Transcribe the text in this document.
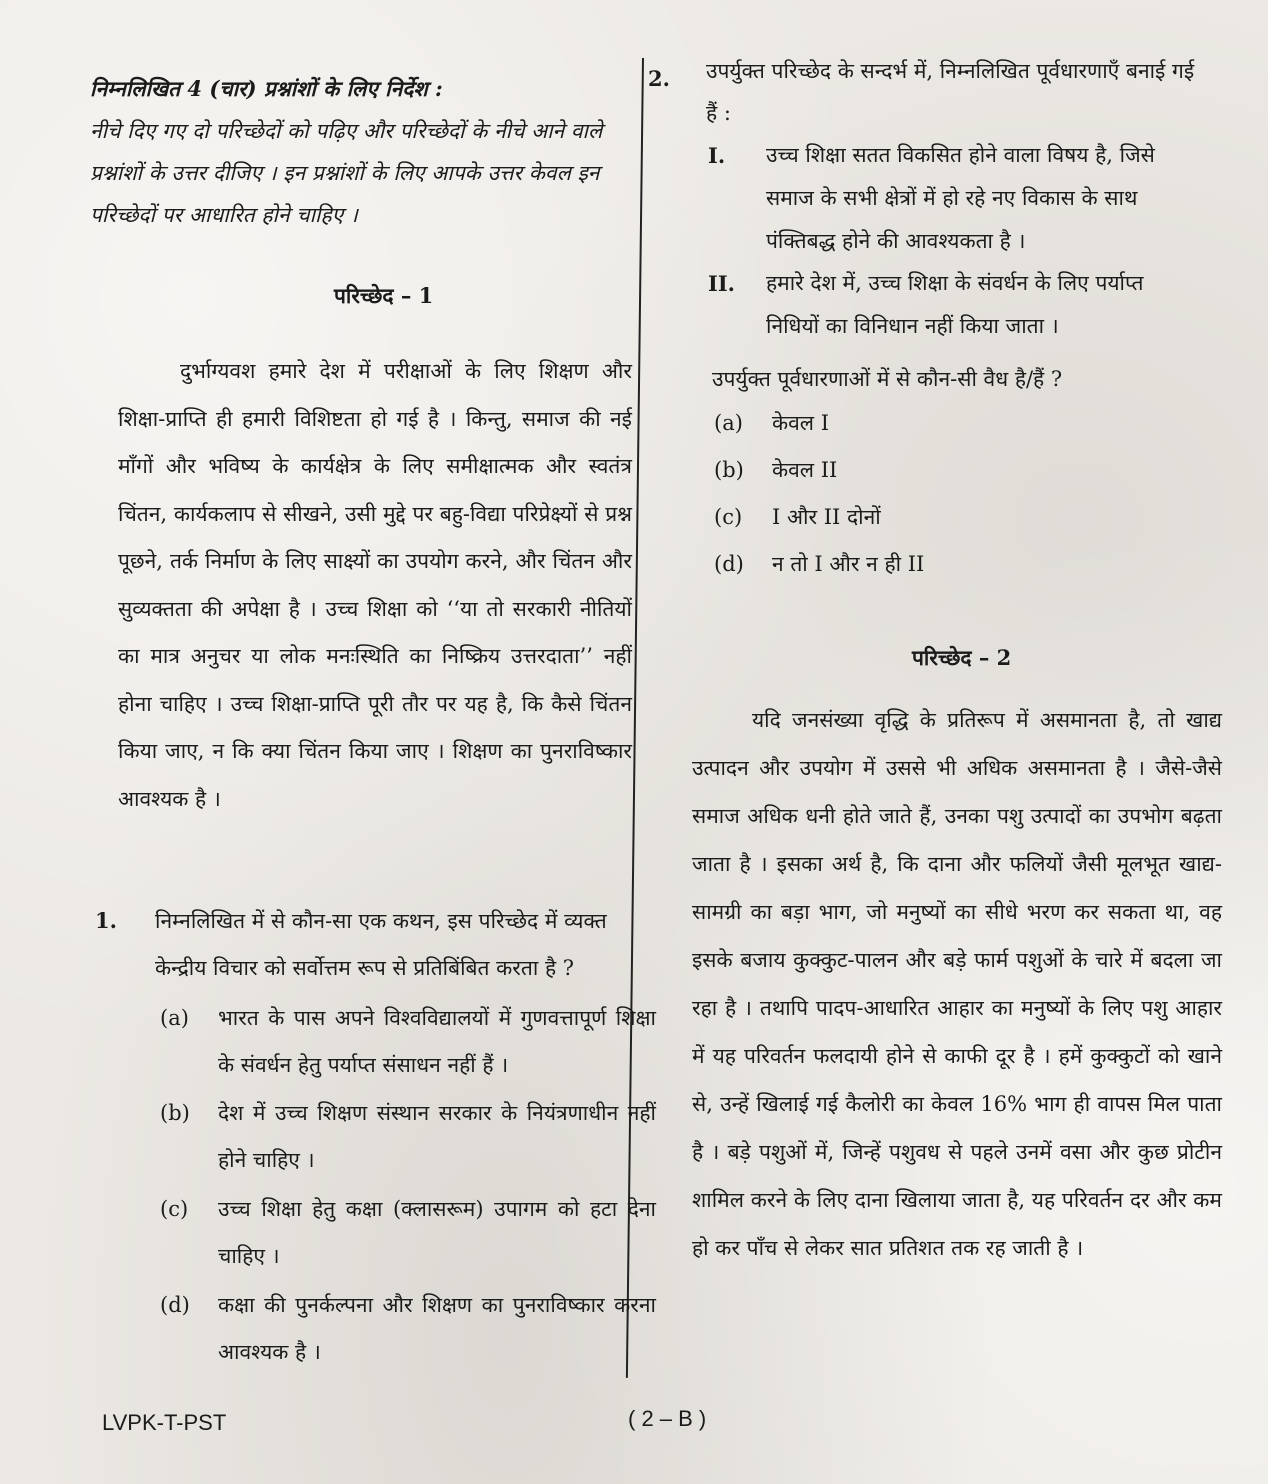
निम्नलिखित 4 (चार) प्रश्नांशों के लिए निर्देश :
नीचे दिए गए दो परिच्छेदों को पढ़िए और परिच्छेदों के नीचे आने वाले प्रश्नांशों के उत्तर दीजिए । इन प्रश्नांशों के लिए आपके उत्तर केवल इन परिच्छेदों पर आधारित होने चाहिए ।
परिच्छेद – 1

दुर्भाग्यवश हमारे देश में परीक्षाओं के लिए शिक्षण और शिक्षा-प्राप्ति ही हमारी विशिष्टता हो गई है । किन्तु, समाज की नई माँगों और भविष्य के कार्यक्षेत्र के लिए समीक्षात्मक और स्वतंत्र चिंतन, कार्यकलाप से सीखने, उसी मुद्दे पर बहु-विद्या परिप्रेक्ष्यों से प्रश्न पूछने, तर्क निर्माण के लिए साक्ष्यों का उपयोग करने, और चिंतन और सुव्यक्तता की अपेक्षा है । उच्च शिक्षा को ‘‘या तो सरकारी नीतियों का मात्र अनुचर या लोक मनःस्थिति का निष्क्रिय उत्तरदाता’’ नहीं होना चाहिए । उच्च शिक्षा-प्राप्ति पूरी तौर पर यह है, कि कैसे चिंतन किया जाए, न कि क्या चिंतन किया जाए । शिक्षण का पुनराविष्कार आवश्यक है ।

1. निम्नलिखित में से कौन-सा एक कथन, इस परिच्छेद में व्यक्त केन्द्रीय विचार को सर्वोत्तम रूप से प्रतिबिंबित करता है ?
(a)	भारत के पास अपने विश्वविद्यालयों में गुणवत्तापूर्ण शिक्षा के संवर्धन हेतु पर्याप्त संसाधन नहीं हैं ।
(b)	देश में उच्च शिक्षण संस्थान सरकार के नियंत्रणाधीन नहीं होने चाहिए ।
(c)	उच्च शिक्षा हेतु कक्षा (क्लासरूम) उपागम को हटा देना चाहिए ।
(d)	कक्षा की पुनर्कल्पना और शिक्षण का पुनराविष्कार करना आवश्यक है ।
2. उपर्युक्त परिच्छेद के सन्दर्भ में, निम्नलिखित पूर्वधारणाएँ बनाई गई हैं :
I.	उच्च शिक्षा सतत विकसित होने वाला विषय है, जिसे समाज के सभी क्षेत्रों में हो रहे नए विकास के साथ पंक्तिबद्ध होने की आवश्यकता है ।
II.	हमारे देश में, उच्च शिक्षा के संवर्धन के लिए पर्याप्त निधियों का विनिधान नहीं किया जाता ।
उपर्युक्त पूर्वधारणाओं में से कौन-सी वैध है/हैं ?
(a)	केवल I
(b)	केवल II
(c)	I और II दोनों
(d)	न तो I और न ही II
परिच्छेद – 2

यदि जनसंख्या वृद्धि के प्रतिरूप में असमानता है, तो खाद्य उत्पादन और उपयोग में उससे भी अधिक असमानता है । जैसे-जैसे समाज अधिक धनी होते जाते हैं, उनका पशु उत्पादों का उपभोग बढ़ता जाता है । इसका अर्थ है, कि दाना और फलियों जैसी मूलभूत खाद्य-सामग्री का बड़ा भाग, जो मनुष्यों का सीधे भरण कर सकता था, वह इसके बजाय कुक्कुट-पालन और बड़े फार्म पशुओं के चारे में बदला जा रहा है । तथापि पादप-आधारित आहार का मनुष्यों के लिए पशु आहार में यह परिवर्तन फलदायी होने से काफी दूर है । हमें कुक्कुटों को खाने से, उन्हें खिलाई गई कैलोरी का केवल 16% भाग ही वापस मिल पाता है । बड़े पशुओं में, जिन्हें पशुवध से पहले उनमें वसा और कुछ प्रोटीन शामिल करने के लिए दाना खिलाया जाता है, यह परिवर्तन दर और कम हो कर पाँच से लेकर सात प्रतिशत तक रह जाती है ।

LVPK-T-PST	( 2 – B )
